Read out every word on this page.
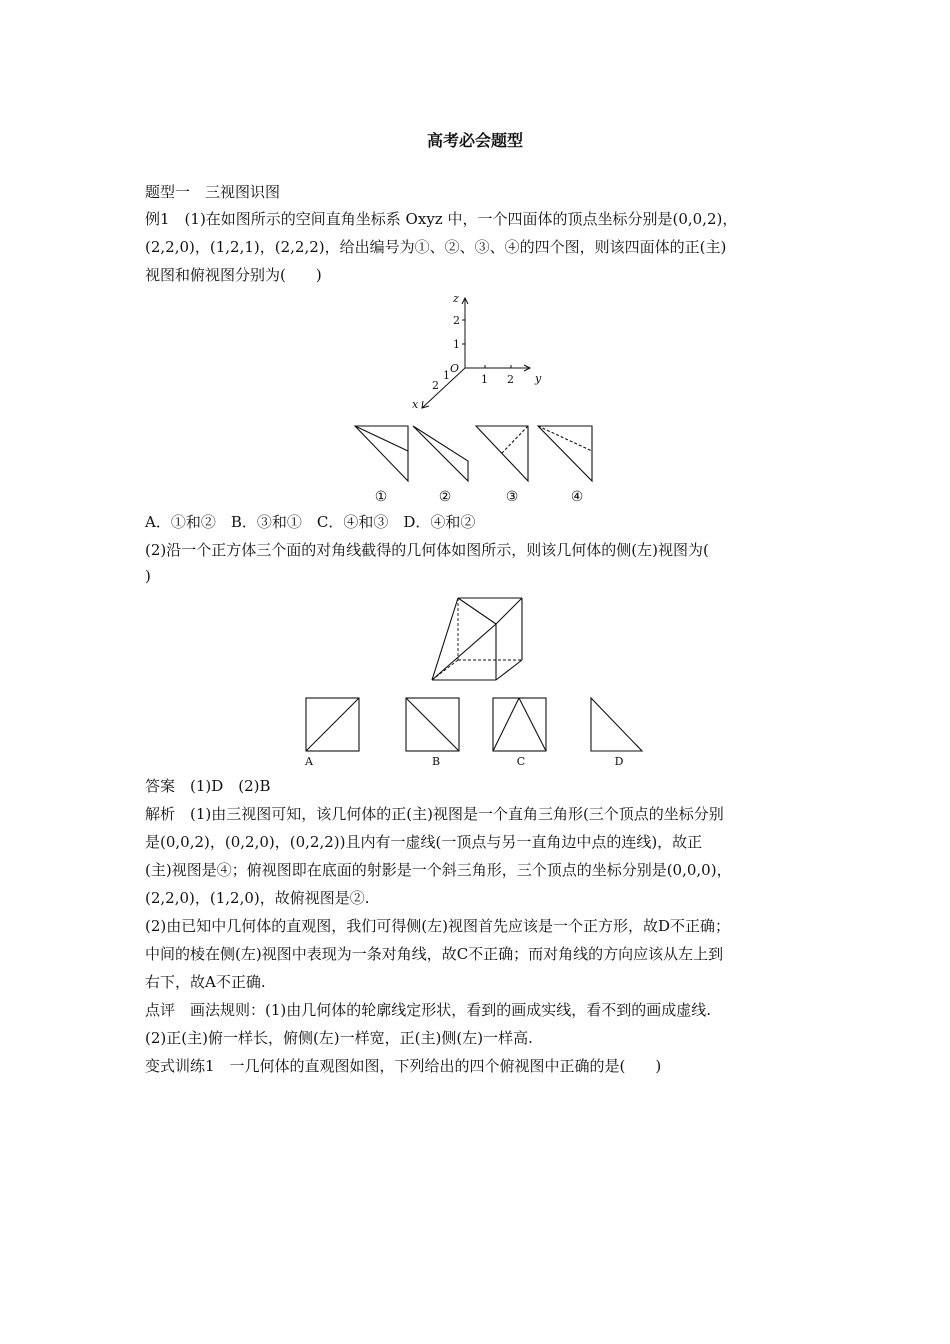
高考必会题型
题型一　三视图识图
例1　(1)在如图所示的空间直角坐标系 Oxyz 中，一个四面体的顶点坐标分别是(0,0,2)，
(2,2,0)，(1,2,1)，(2,2,2)，给出编号为①、②、③、④的四个图，则该四面体的正(主)
视图和俯视图分别为(　　)
z
y
x
O
2
1
1 2
1
2
①	②	③	④
A．①和②　B．③和①　C．④和③　D．④和②
(2)沿一个正方体三个面的对角线截得的几何体如图所示，则该几何体的侧(左)视图为(
)
A	B	C	D
答案　(1)D　(2)B
解析　(1)由三视图可知，该几何体的正(主)视图是一个直角三角形(三个顶点的坐标分别
是(0,0,2)，(0,2,0)，(0,2,2))且内有一虚线(一顶点与另一直角边中点的连线)，故正
(主)视图是④；俯视图即在底面的射影是一个斜三角形，三个顶点的坐标分别是(0,0,0)，
(2,2,0)，(1,2,0)，故俯视图是②.
(2)由已知中几何体的直观图，我们可得侧(左)视图首先应该是一个正方形，故D不正确；
中间的棱在侧(左)视图中表现为一条对角线，故C不正确；而对角线的方向应该从左上到
右下，故A不正确.
点评　画法规则：(1)由几何体的轮廓线定形状，看到的画成实线，看不到的画成虚线.
(2)正(主)俯一样长，俯侧(左)一样宽，正(主)侧(左)一样高.
变式训练1　一几何体的直观图如图，下列给出的四个俯视图中正确的是(　　)
